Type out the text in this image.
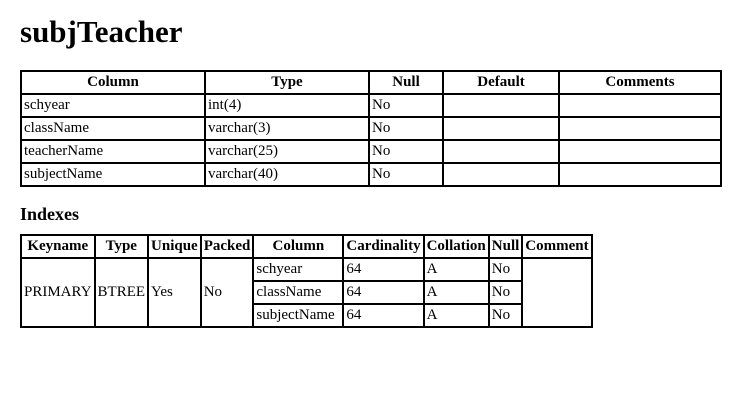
subjTeacher
Column	Type	Null	Default	Comments
schyear	int(4)	No		
className	varchar(3)	No		
teacherName	varchar(25)	No		
subjectName	varchar(40)	No		
Indexes
Keyname	Type	Unique	Packed	Column	Cardinality	Collation	Null	Comment
PRIMARY	BTREE	Yes	No	schyear	64	A	No	
				className	64	A	No	
				subjectName	64	A	No	
